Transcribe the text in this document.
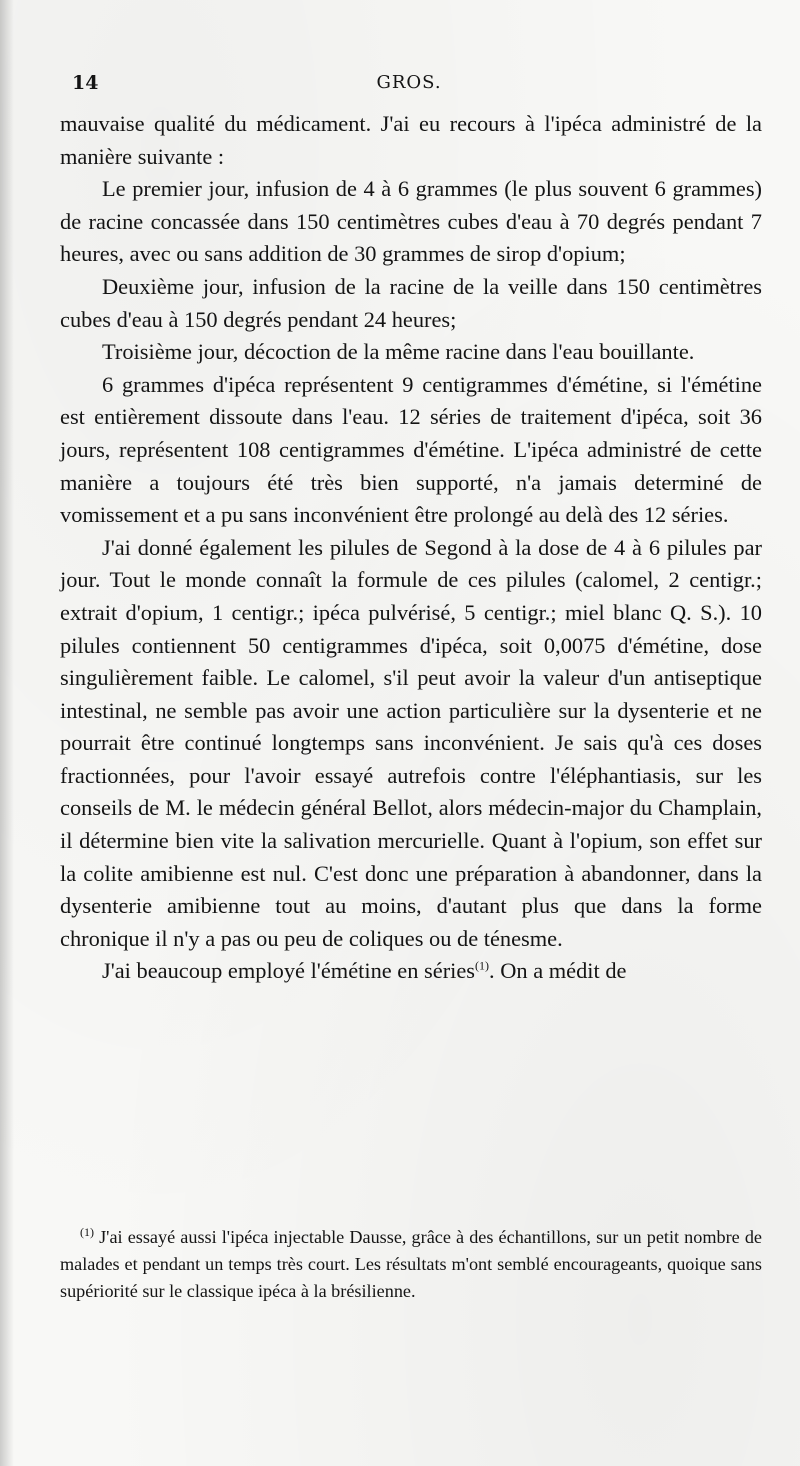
14	GROS.

mauvaise qualité du médicament. J'ai eu recours à l'ipéca administré de la manière suivante :

Le premier jour, infusion de 4 à 6 grammes (le plus souvent 6 grammes) de racine concassée dans 150 centimètres cubes d'eau à 70 degrés pendant 7 heures, avec ou sans addition de 30 grammes de sirop d'opium;

Deuxième jour, infusion de la racine de la veille dans 150 centimètres cubes d'eau à 150 degrés pendant 24 heures;

Troisième jour, décoction de la même racine dans l'eau bouillante.

6 grammes d'ipéca représentent 9 centigrammes d'émétine, si l'émétine est entièrement dissoute dans l'eau. 12 séries de traitement d'ipéca, soit 36 jours, représentent 108 centigrammes d'émétine. L'ipéca administré de cette manière a toujours été très bien supporté, n'a jamais determiné de vomissement et a pu sans inconvénient être prolongé au delà des 12 séries.

J'ai donné également les pilules de Segond à la dose de 4 à 6 pilules par jour. Tout le monde connaît la formule de ces pilules (calomel, 2 centigr.; extrait d'opium, 1 centigr.; ipéca pulvérisé, 5 centigr.; miel blanc Q. S.). 10 pilules contiennent 50 centigrammes d'ipéca, soit 0,0075 d'émétine, dose singulièrement faible. Le calomel, s'il peut avoir la valeur d'un antiseptique intestinal, ne semble pas avoir une action particulière sur la dysenterie et ne pourrait être continué longtemps sans inconvénient. Je sais qu'à ces doses fractionnées, pour l'avoir essayé autrefois contre l'éléphantiasis, sur les conseils de M. le médecin général Bellot, alors médecin-major du Champlain, il détermine bien vite la salivation mercurielle. Quant à l'opium, son effet sur la colite amibienne est nul. C'est donc une préparation à abandonner, dans la dysenterie amibienne tout au moins, d'autant plus que dans la forme chronique il n'y a pas ou peu de coliques ou de ténesme.

J'ai beaucoup employé l'émétine en séries$^{(1)}$. On a médit de

$^{(1)}$ J'ai essayé aussi l'ipéca injectable Dausse, grâce à des échantillons, sur un petit nombre de malades et pendant un temps très court. Les résultats m'ont semblé encourageants, quoique sans supériorité sur le classique ipéca à la brésilienne.
